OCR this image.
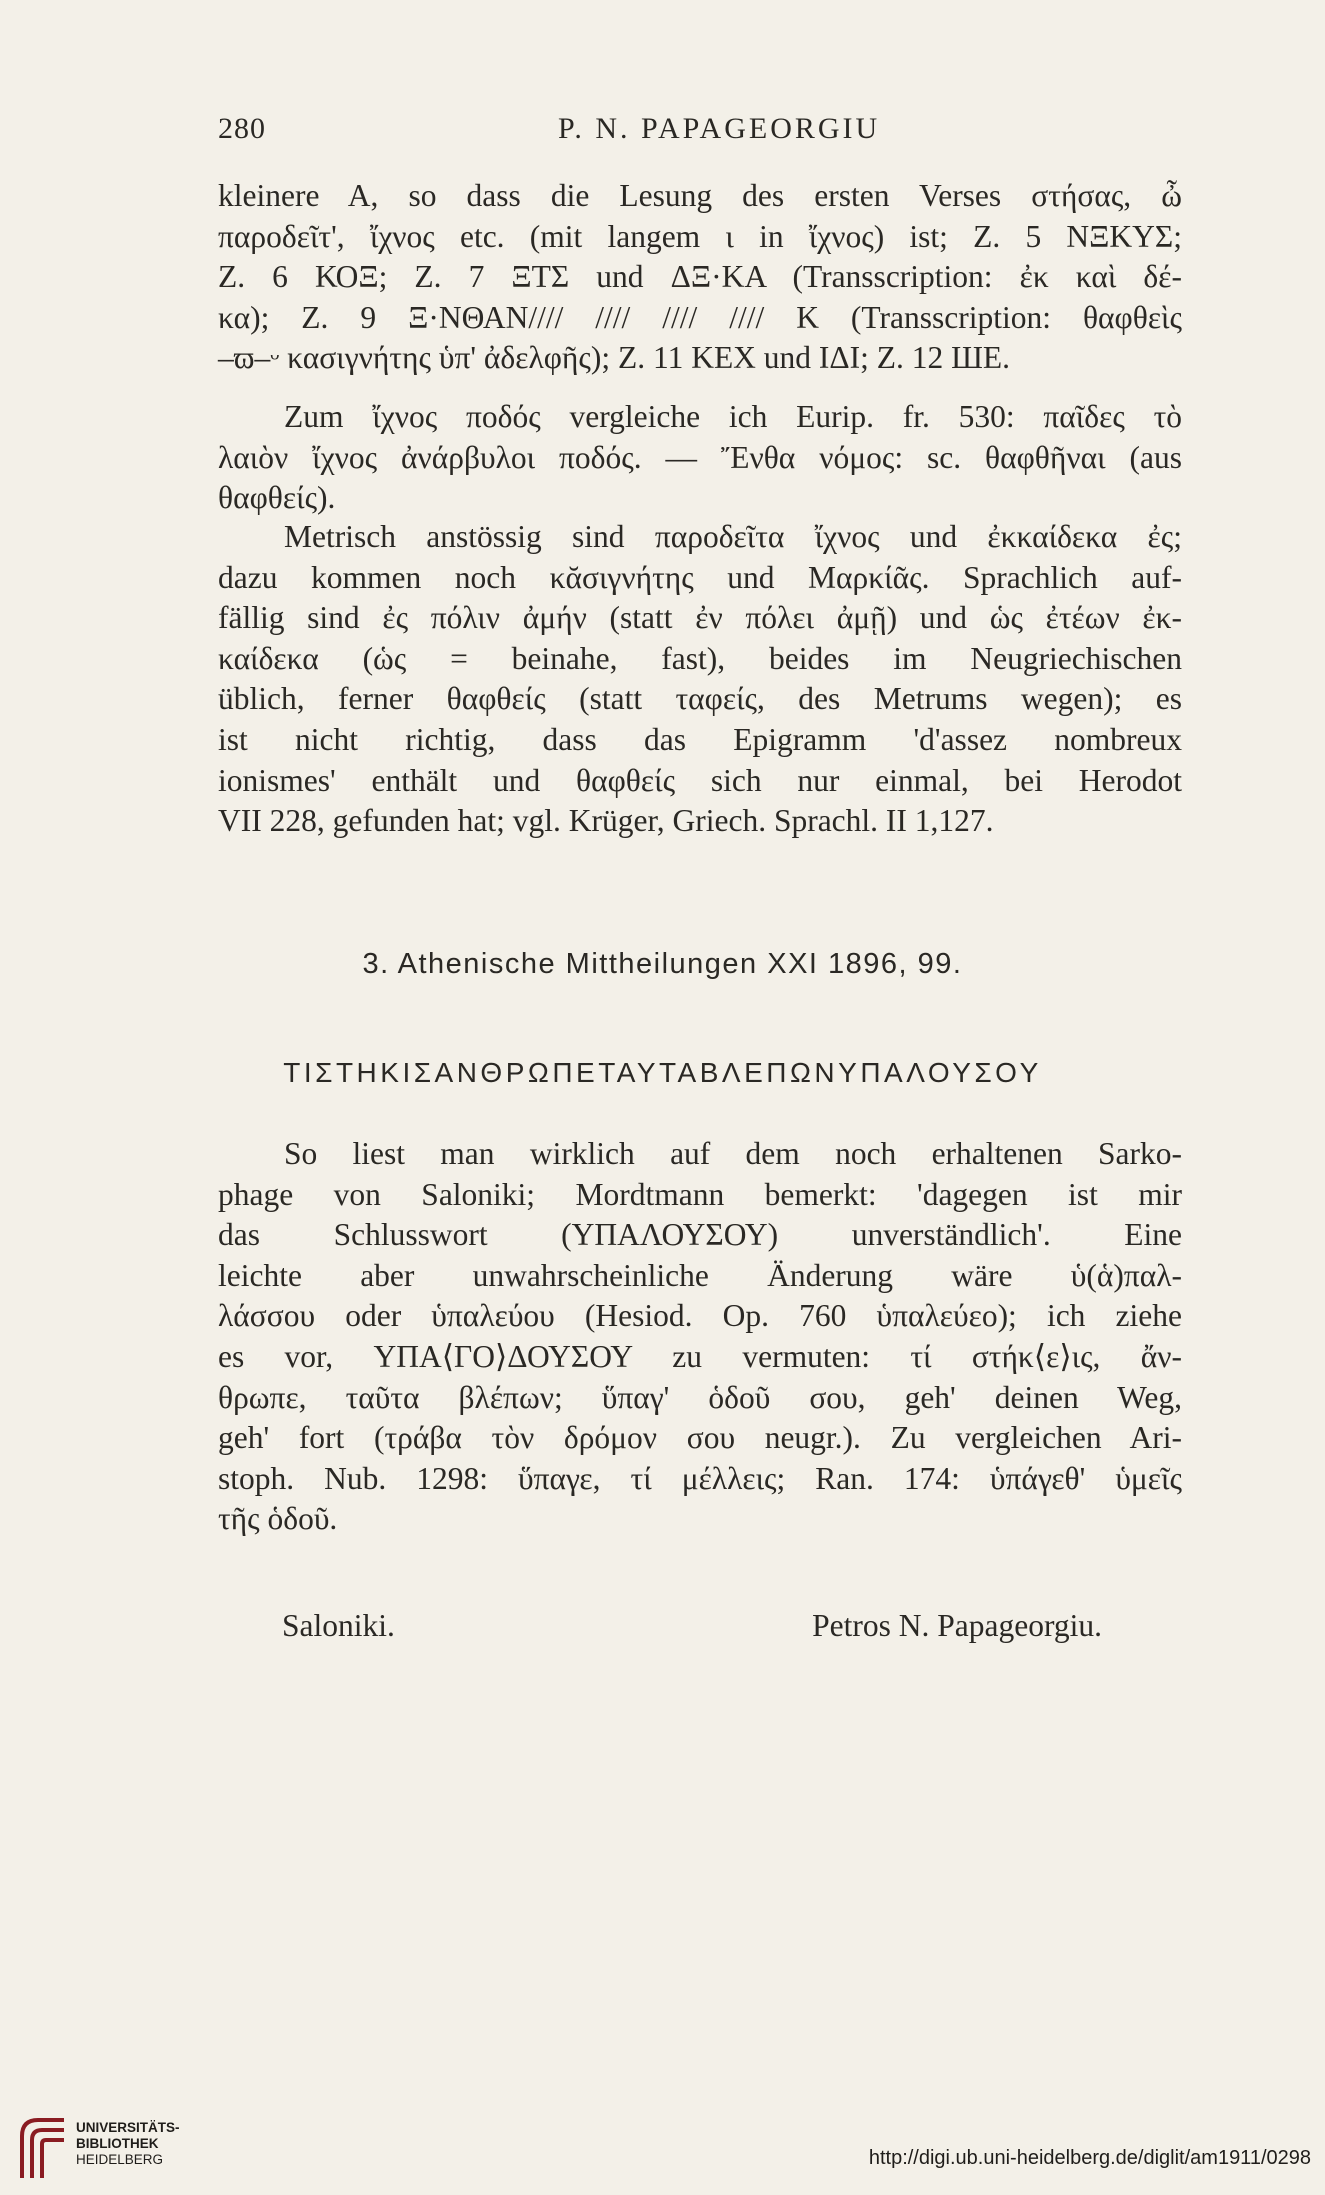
280	P. N. PAPAGEORGIU
kleinere A, so dass die Lesung des ersten Verses στήσας, ὦ
παροδεῖτ', ἴχνος etc. (mit langem ι in ἴχνος) ist; Z. 5 ΝΞΚΥΣ;
Z. 6 ΚΟΞ; Z. 7 ΞΤΣ und ΔΞ·ΚΑ (Transscription: ἐκ καὶ δέ-
κα); Z. 9 Ξ·ΝΘΑΝ//// //// //// //// Κ (Transscription: θαφθεὶς
–ϖ–ᵕ κασιγνήτης ὑπ' ἀδελφῆς); Z. 11 ΚΕΧ und ΙΔΙ; Z. 12 ШΕ.
Zum ἴχνος ποδός vergleiche ich Eurip. fr. 530: παῖδες τὸ
λαιὸν ἴχνος ἀνάρβυλοι ποδός. — Ἔνθα νόμος: sc. θαφθῆναι (aus
θαφθείς).
Metrisch anstössig sind παροδεῖτα ἴχνος und ἐκκαίδεκα ἐς;
dazu kommen noch κᾰσιγνήτης und Μαρκίᾶς. Sprachlich auf-
fällig sind ἐς πόλιν ἀμήν (statt ἐν πόλει ἀμῇ) und ὡς ἐτέων ἐκ-
καίδεκα (ὡς = beinahe, fast), beides im Neugriechischen
üblich, ferner θαφθείς (statt ταφείς, des Metrums wegen); es
ist nicht richtig, dass das Epigramm 'd'assez nombreux
ionismes' enthält und θαφθείς sich nur einmal, bei Herodot
VII 228, gefunden hat; vgl. Krüger, Griech. Sprachl. II 1,127.
3. Athenische Mittheilungen XXI 1896, 99.
ΤΙΣΤΗΚΙΣΑΝΘΡΩΠΕΤΑΥΤΑΒΛΕΠΩΝΥΠΑΛΟΥΣΟΥ
So liest man wirklich auf dem noch erhaltenen Sarko-
phage von Saloniki; Mordtmann bemerkt: 'dagegen ist mir
das Schlusswort (ΥΠΑΛΟΥΣΟΥ) unverständlich'. Eine
leichte aber unwahrscheinliche Änderung wäre ὑ(ἁ)παλ-
λάσσου oder ὑπαλεύου (Hesiod. Op. 760 ὑπαλεύεο); ich ziehe
es vor, ΥΠΑ⟨ΓΟ⟩ΔΟΥΣΟΥ zu vermuten: τί στήκ⟨ε⟩ις, ἄν-
θρωπε, ταῦτα βλέπων; ὕπαγ' ὁδοῦ σου, geh' deinen Weg,
geh' fort (τράβα τὸν δρόμον σου neugr.). Zu vergleichen Ari-
stoph. Nub. 1298: ὕπαγε, τί μέλλεις; Ran. 174: ὑπάγεθ' ὑμεῖς
τῆς ὁδοῦ.
Saloniki.	Petros N. Papageorgiu.
UNIVERSITÄTS-
BIBLIOTHEK
HEIDELBERG	http://digi.ub.uni-heidelberg.de/diglit/am1911/0298
